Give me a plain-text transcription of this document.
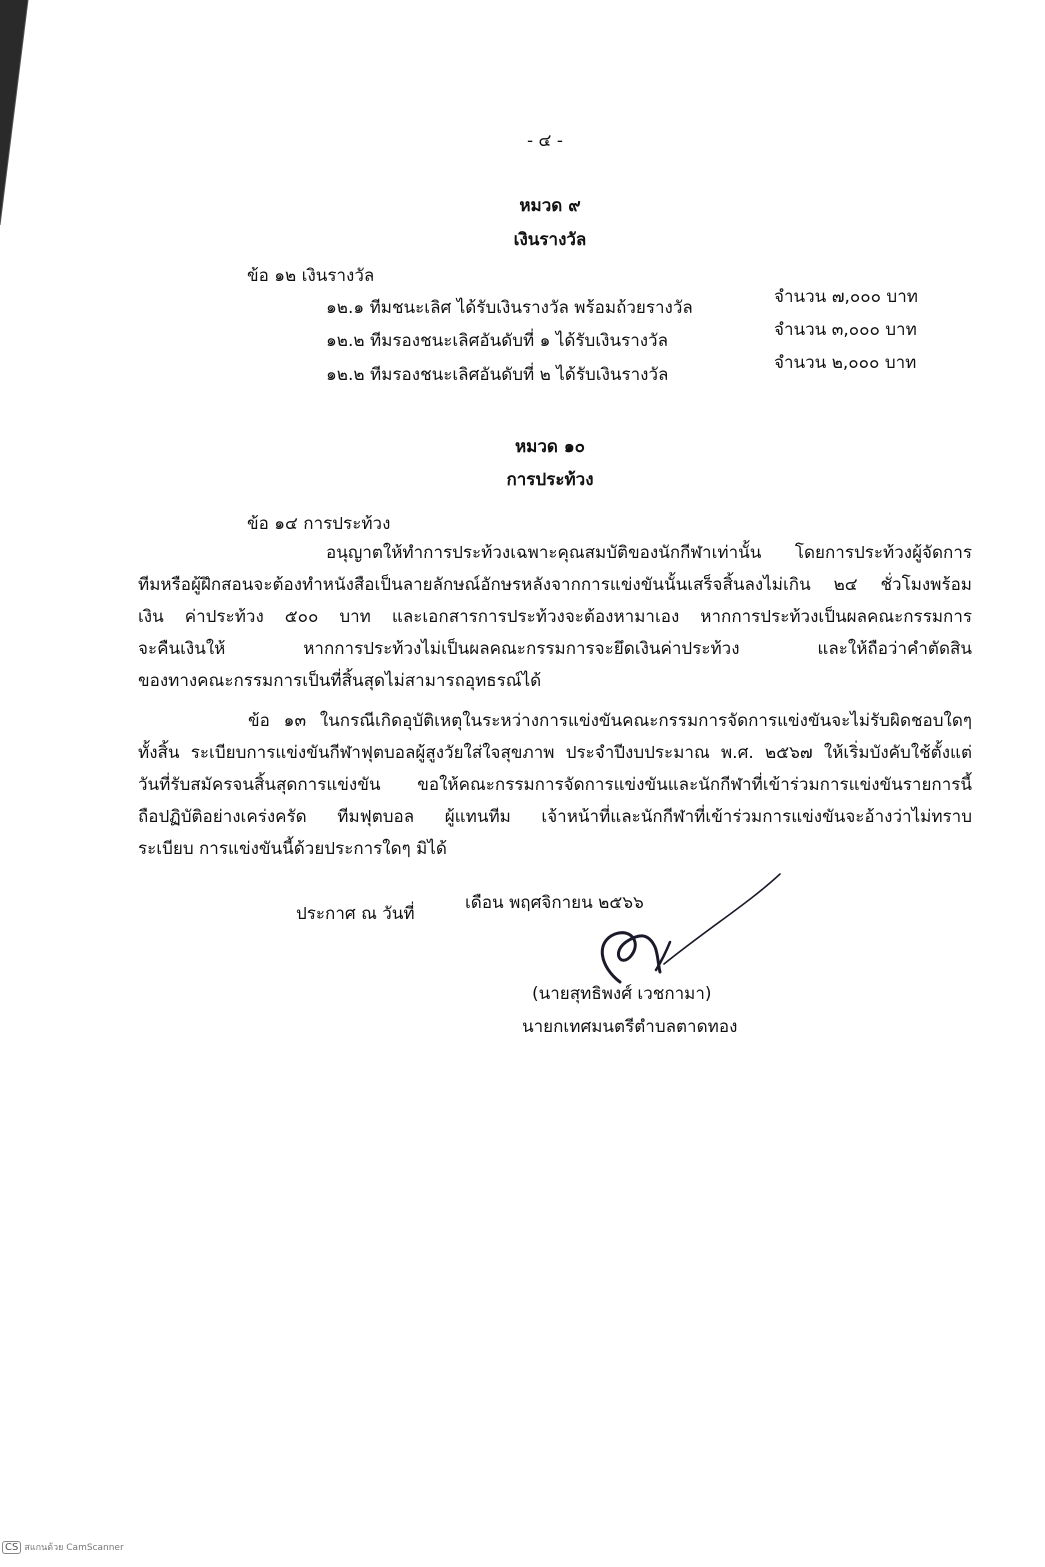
- ๔ -
หมวด ๙
เงินรางวัล
ข้อ ๑๒ เงินรางวัล
๑๒.๑ ทีมชนะเลิศ ได้รับเงินรางวัล พร้อมถ้วยรางวัล
จำนวน ๗,๐๐๐ บาท
๑๒.๒ ทีมรองชนะเลิศอันดับที่ ๑ ได้รับเงินรางวัล
จำนวน ๓,๐๐๐ บาท
๑๒.๒ ทีมรองชนะเลิศอันดับที่ ๒ ได้รับเงินรางวัล
จำนวน ๒,๐๐๐ บาท
หมวด ๑๐
การประท้วง
ข้อ ๑๔ การประท้วง
อนุญาตให้ทำการประท้วงเฉพาะคุณสมบัติของนักกีฬาเท่านั้น โดยการประท้วงผู้จัดการ
ทีมหรือผู้ฝึกสอนจะต้องทำหนังสือเป็นลายลักษณ์อักษรหลังจากการแข่งขันนั้นเสร็จสิ้นลงไม่เกิน ๒๔ ชั่วโมงพร้อม
เงิน ค่าประท้วง ๕๐๐ บาท และเอกสารการประท้วงจะต้องหามาเอง หากการประท้วงเป็นผลคณะกรรมการ
จะคืนเงินให้ หากการประท้วงไม่เป็นผลคณะกรรมการจะยึดเงินค่าประท้วง และให้ถือว่าคำตัดสิน
ของทางคณะกรรมการเป็นที่สิ้นสุดไม่สามารถอุทธรณ์ได้
ข้อ ๑๓ ในกรณีเกิดอุบัติเหตุในระหว่างการแข่งขันคณะกรรมการจัดการแข่งขันจะไม่รับผิดชอบใดๆ
ทั้งสิ้น ระเบียบการแข่งขันกีฬาฟุตบอลผู้สูงวัยใส่ใจสุขภาพ ประจำปีงบประมาณ พ.ศ. ๒๕๖๗ ให้เริ่มบังคับใช้ตั้งแต่
วันที่รับสมัครจนสิ้นสุดการแข่งขัน ขอให้คณะกรรมการจัดการแข่งขันและนักกีฬาที่เข้าร่วมการแข่งขันรายการนี้
ถือปฏิบัติอย่างเคร่งครัด ทีมฟุตบอล ผู้แทนทีม เจ้าหน้าที่และนักกีฬาที่เข้าร่วมการแข่งขันจะอ้างว่าไม่ทราบ
ระเบียบ การแข่งขันนี้ด้วยประการใดๆ มิได้
ประกาศ ณ วันที่
เดือน พฤศจิกายน ๒๕๖๖
(นายสุทธิพงศ์ เวชกามา)
นายกเทศมนตรีตำบลตาดทอง
CS สแกนด้วย CamScanner
